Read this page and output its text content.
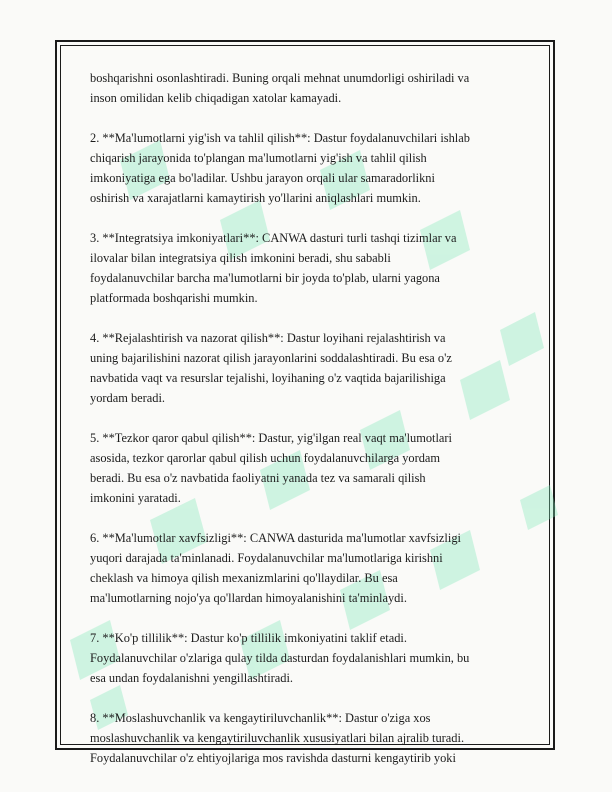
boshqarishni osonlashtiradi. Buning orqali mehnat unumdorligi oshiriladi va
inson omilidan kelib chiqadigan xatolar kamayadi.
2. **Ma'lumotlarni yig'ish va tahlil qilish**: Dastur foydalanuvchilari ishlab
chiqarish jarayonida to'plangan ma'lumotlarni yig'ish va tahlil qilish
imkoniyatiga ega bo'ladilar. Ushbu jarayon orqali ular samaradorlikni
oshirish va xarajatlarni kamaytirish yo'llarini aniqlashlari mumkin.
3. **Integratsiya imkoniyatlari**: CANWA dasturi turli tashqi tizimlar va
ilovalar bilan integratsiya qilish imkonini beradi, shu sababli
foydalanuvchilar barcha ma'lumotlarni bir joyda to'plab, ularni yagona
platformada boshqarishi mumkin.
4. **Rejalashtirish va nazorat qilish**: Dastur loyihani rejalashtirish va
uning bajarilishini nazorat qilish jarayonlarini soddalashtiradi. Bu esa o'z
navbatida vaqt va resurslar tejalishi, loyihaning o'z vaqtida bajarilishiga
yordam beradi.
5. **Tezkor qaror qabul qilish**: Dastur, yig'ilgan real vaqt ma'lumotlari
asosida, tezkor qarorlar qabul qilish uchun foydalanuvchilarga yordam
beradi. Bu esa o'z navbatida faoliyatni yanada tez va samarali qilish
imkonini yaratadi.
6. **Ma'lumotlar xavfsizligi**: CANWA dasturida ma'lumotlar xavfsizligi
yuqori darajada ta'minlanadi. Foydalanuvchilar ma'lumotlariga kirishni
cheklash va himoya qilish mexanizmlarini qo'llaydilar. Bu esa
ma'lumotlarning nojo'ya qo'llardan himoyalanishini ta'minlaydi.
7. **Ko'p tillilik**: Dastur ko'p tillilik imkoniyatini taklif etadi.
Foydalanuvchilar o'zlariga qulay tilda dasturdan foydalanishlari mumkin, bu
esa undan foydalanishni yengillashtiradi.
8. **Moslashuvchanlik va kengaytiriluvchanlik**: Dastur o'ziga xos
moslashuvchanlik va kengaytiriluvchanlik xususiyatlari bilan ajralib turadi.
Foydalanuvchilar o'z ehtiyojlariga mos ravishda dasturni kengaytirib yoki
